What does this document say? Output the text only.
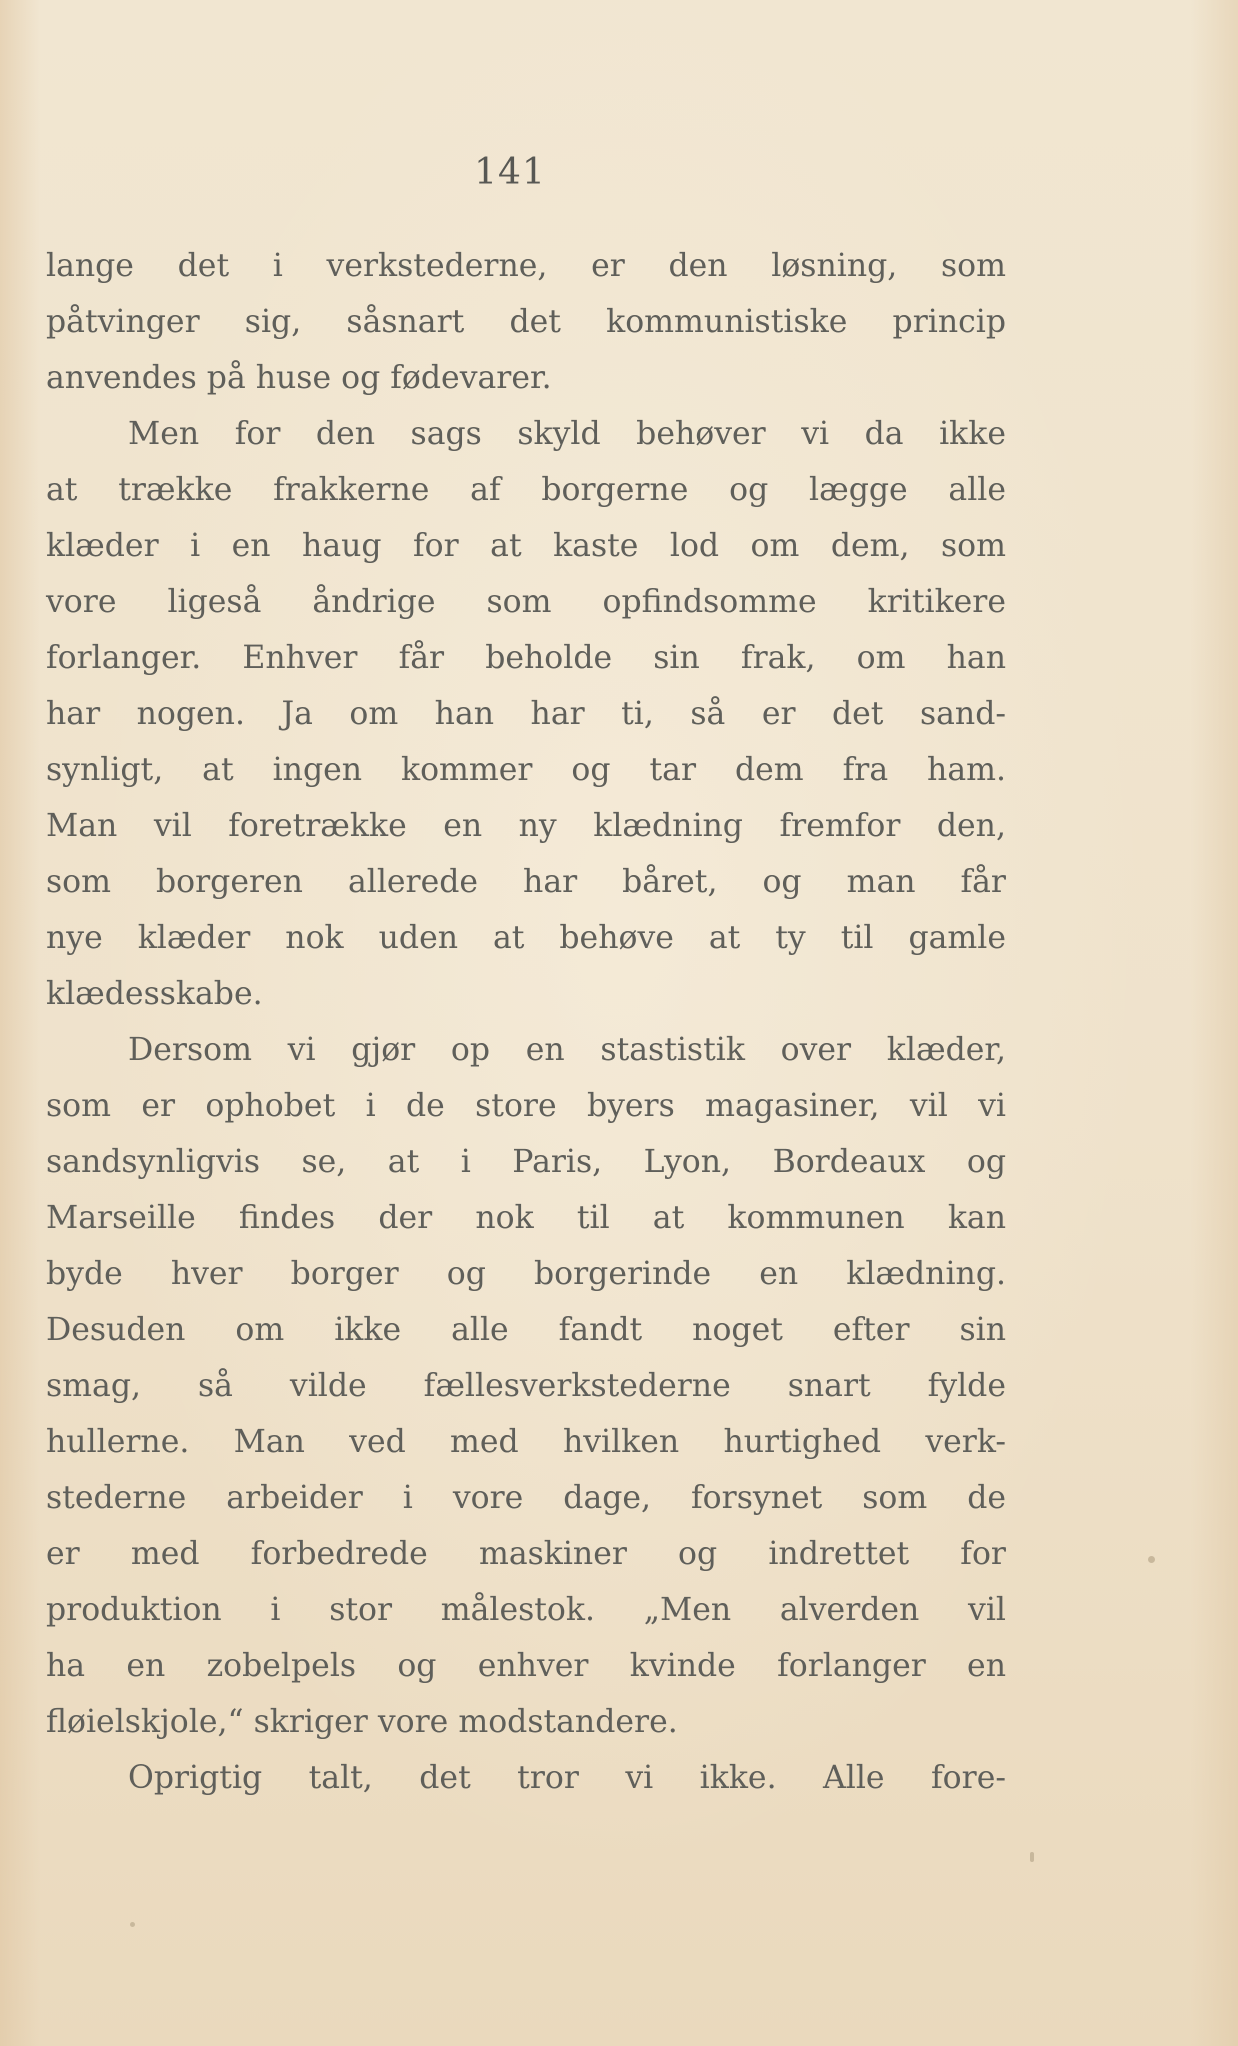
141
lange det i verkstederne, er den løsning, som
påtvinger sig, såsnart det kommunistiske princip
anvendes på huse og fødevarer.
Men for den sags skyld behøver vi da ikke
at trække frakkerne af borgerne og lægge alle
klæder i en haug for at kaste lod om dem, som
vore ligeså åndrige som opfindsomme kritikere
forlanger. Enhver får beholde sin frak, om han
har nogen. Ja om han har ti, så er det sand-
synligt, at ingen kommer og tar dem fra ham.
Man vil foretrække en ny klædning fremfor den,
som borgeren allerede har båret, og man får
nye klæder nok uden at behøve at ty til gamle
klædesskabe.
Dersom vi gjør op en stastistik over klæder,
som er ophobet i de store byers magasiner, vil vi
sandsynligvis se, at i Paris, Lyon, Bordeaux og
Marseille findes der nok til at kommunen kan
byde hver borger og borgerinde en klædning.
Desuden om ikke alle fandt noget efter sin
smag, så vilde fællesverkstederne snart fylde
hullerne. Man ved med hvilken hurtighed verk-
stederne arbeider i vore dage, forsynet som de
er med forbedrede maskiner og indrettet for
produktion i stor målestok. „Men alverden vil
ha en zobelpels og enhver kvinde forlanger en
fløielskjole,“ skriger vore modstandere.
Oprigtig talt, det tror vi ikke. Alle fore-
